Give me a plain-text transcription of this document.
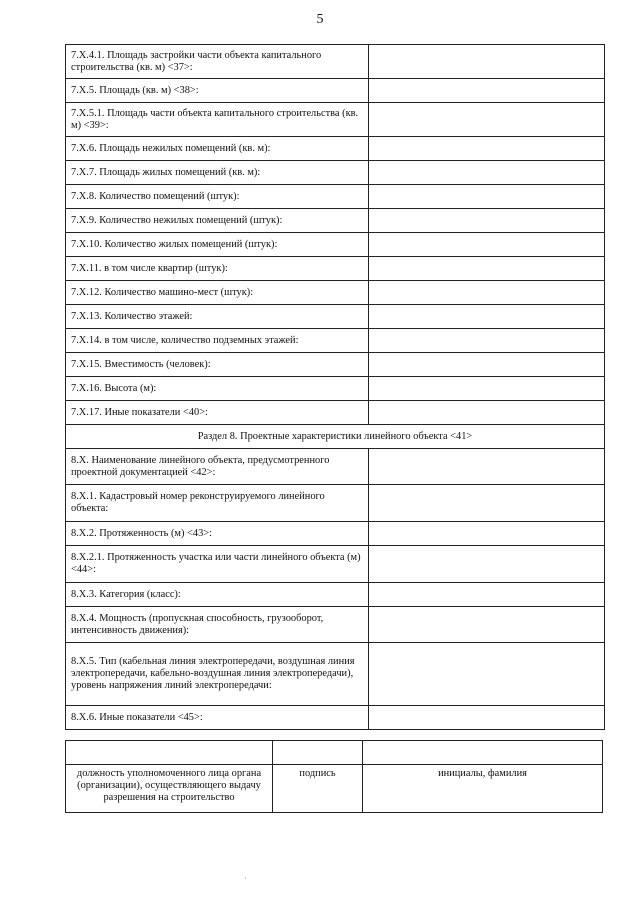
5
7.Х.4.1. Площадь застройки части объекта капитального строительства (кв. м) <37>:	
7.Х.5. Площадь (кв. м) <38>:	
7.Х.5.1. Площадь части объекта капитального строительства (кв. м) <39>:	
7.Х.6. Площадь нежилых помещений (кв. м):	
7.Х.7. Площадь жилых помещений (кв. м):	
7.Х.8. Количество помещений (штук):	
7.Х.9. Количество нежилых помещений (штук):	
7.Х.10. Количество жилых помещений (штук):	
7.Х.11. в том числе квартир (штук):	
7.Х.12. Количество машино-мест (штук):	
7.Х.13. Количество этажей:	
7.Х.14. в том числе, количество подземных этажей:	
7.Х.15. Вместимость (человек):	
7.Х.16. Высота (м):	
7.Х.17. Иные показатели <40>:	
Раздел 8. Проектные характеристики линейного объекта <41>	
8.Х. Наименование линейного объекта, предусмотренного проектной документацией <42>:	
8.Х.1. Кадастровый номер реконструируемого линейного объекта:	
8.Х.2. Протяженность (м) <43>:	
8.Х.2.1. Протяженность участка или части линейного объекта (м) <44>:	
8.Х.3. Категория (класс):	
8.Х.4. Мощность (пропускная способность, грузооборот, интенсивность движения):	
8.Х.5. Тип (кабельная линия электропередачи, воздушная линия электропередачи, кабельно-воздушная линия электропередачи), уровень напряжения линий электропередачи:	
8.Х.6. Иные показатели <45>:	

должность уполномоченного лица органа (организации), осуществляющего выдачу разрешения на строительство	подпись	инициалы, фамилия
·
